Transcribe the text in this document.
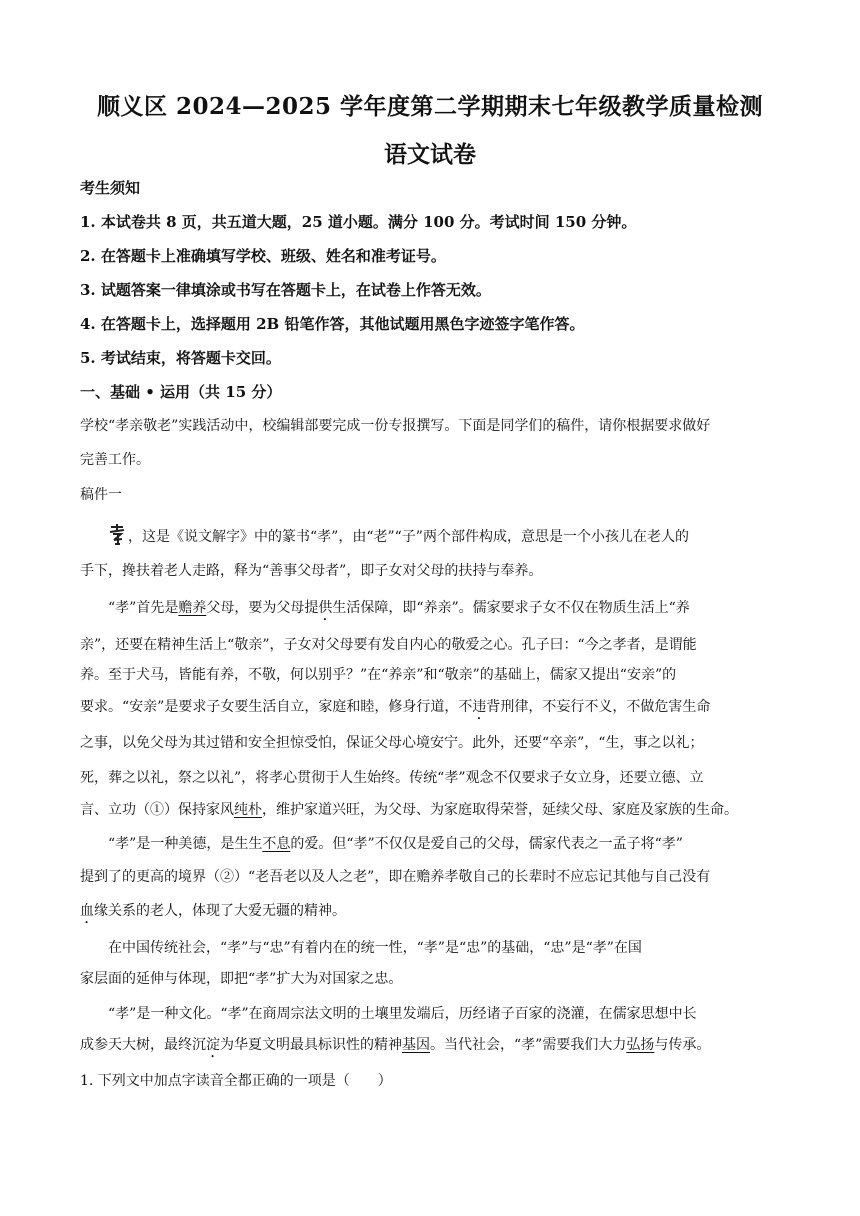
顺义区 2024—2025 学年度第二学期期末七年级教学质量检测
语文试卷
考生须知
1. 本试卷共 8 页，共五道大题，25 道小题。满分 100 分。考试时间 150 分钟。
2. 在答题卡上准确填写学校、班级、姓名和准考证号。
3. 试题答案一律填涂或书写在答题卡上，在试卷上作答无效。
4. 在答题卡上，选择题用 2B 铅笔作答，其他试题用黑色字迹签字笔作答。
5. 考试结束，将答题卡交回。
一、基础 • 运用（共 15 分）
学校“孝亲敬老”实践活动中，校编辑部要完成一份专报撰写。下面是同学们的稿件，请你根据要求做好
完善工作。
稿件一
，这是《说文解字》中的篆书“孝”，由“老”“子”两个部件构成，意思是一个小孩儿在老人的
手下，搀扶着老人走路，释为“善事父母者”，即子女对父母的扶持与奉养。
“孝”首先是赡养父母，要为父母提供生活保障，即“养亲”。儒家要求子女不仅在物质生活上“养
亲”，还要在精神生活上“敬亲”，子女对父母要有发自内心的敬爱之心。孔子曰：“今之孝者，是谓能
养。至于犬马，皆能有养，不敬，何以别乎？”在“养亲”和“敬亲”的基础上，儒家又提出“安亲”的
要求。“安亲”是要求子女要生活自立，家庭和睦，修身行道，不违背刑律，不妄行不义，不做危害生命
之事，以免父母为其过错和安全担惊受怕，保证父母心境安宁。此外，还要“卒亲”，“生，事之以礼；
死，葬之以礼，祭之以礼”，将孝心贯彻于人生始终。传统“孝”观念不仅要求子女立身，还要立德、立
言、立功（①）保持家风纯朴，维护家道兴旺，为父母、为家庭取得荣誉，延续父母、家庭及家族的生命。
“孝”是一种美德，是生生不息的爱。但“孝”不仅仅是爱自己的父母，儒家代表之一孟子将“孝”
提到了的更高的境界（②）“老吾老以及人之老”，即在赡养孝敬自己的长辈时不应忘记其他与自己没有
血缘关系的老人，体现了大爱无疆的精神。
在中国传统社会，“孝”与“忠”有着内在的统一性，“孝”是“忠”的基础，“忠”是“孝”在国
家层面的延伸与体现，即把“孝”扩大为对国家之忠。
“孝”是一种文化。“孝”在商周宗法文明的土壤里发端后，历经诸子百家的浇灌，在儒家思想中长
成参天大树，最终沉淀为华夏文明最具标识性的精神基因。当代社会，“孝”需要我们大力弘扬与传承。
1. 下列文中加点字读音全都正确的一项是（　　）
